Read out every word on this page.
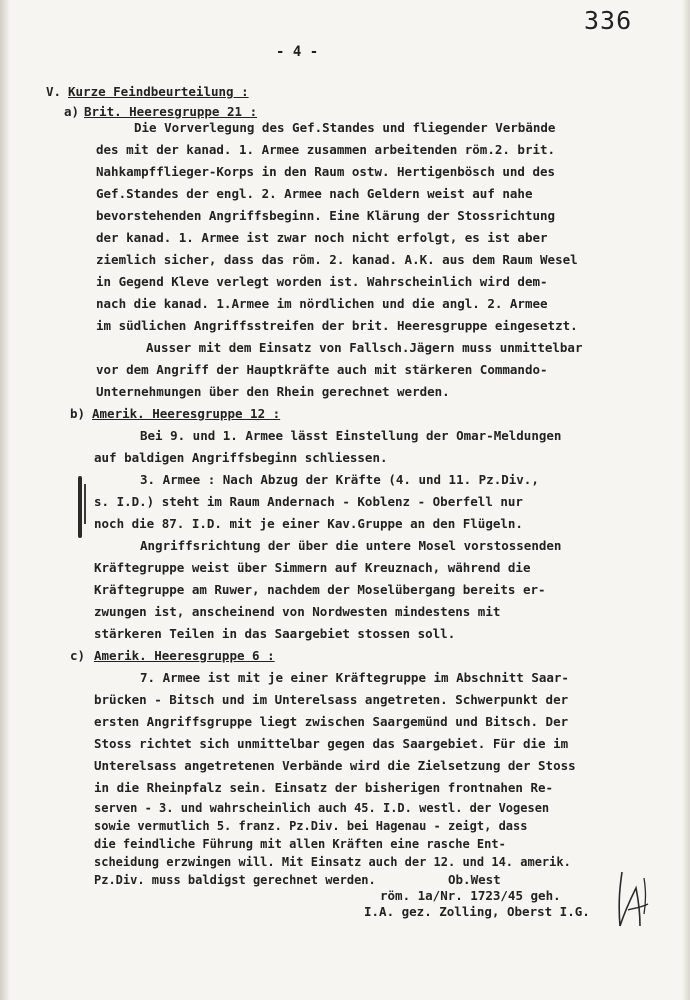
336
- 4 -
V. Kurze Feindbeurteilung :
a) Brit. Heeresgruppe 21 :
Die Vorverlegung des Gef.Standes und fliegender Verbände
des mit der kanad. 1. Armee zusammen arbeitenden röm.2. brit.
Nahkampfflieger-Korps in den Raum ostw. Hertigenbösch und des
Gef.Standes der engl. 2. Armee nach Geldern weist auf nahe
bevorstehenden Angriffsbeginn. Eine Klärung der Stossrichtung
der kanad. 1. Armee ist zwar noch nicht erfolgt, es ist aber
ziemlich sicher, dass das röm. 2. kanad. A.K. aus dem Raum Wesel
in Gegend Kleve verlegt worden ist. Wahrscheinlich wird dem-
nach die kanad. 1.Armee im nördlichen und die angl. 2. Armee
im südlichen Angriffsstreifen der brit. Heeresgruppe eingesetzt.
Ausser mit dem Einsatz von Fallsch.Jägern muss unmittelbar
vor dem Angriff der Hauptkräfte auch mit stärkeren Commando-
Unternehmungen über den Rhein gerechnet werden.
b) Amerik. Heeresgruppe 12 :
Bei 9. und 1. Armee lässt Einstellung der Omar-Meldungen
auf baldigen Angriffsbeginn schliessen.
3. Armee : Nach Abzug der Kräfte (4. und 11. Pz.Div.,
s. I.D.) steht im Raum Andernach - Koblenz - Oberfell nur
noch die 87. I.D. mit je einer Kav.Gruppe an den Flügeln.
Angriffsrichtung der über die untere Mosel vorstossenden
Kräftegruppe weist über Simmern auf Kreuznach, während die
Kräftegruppe am Ruwer, nachdem der Moselübergang bereits er-
zwungen ist, anscheinend von Nordwesten mindestens mit
stärkeren Teilen in das Saargebiet stossen soll.
c) Amerik. Heeresgruppe 6 :
7. Armee ist mit je einer Kräftegruppe im Abschnitt Saar-
brücken - Bitsch und im Unterelsass angetreten. Schwerpunkt der
ersten Angriffsgruppe liegt zwischen Saargemünd und Bitsch. Der
Stoss richtet sich unmittelbar gegen das Saargebiet. Für die im
Unterelsass angetretenen Verbände wird die Zielsetzung der Stoss
in die Rheinpfalz sein. Einsatz der bisherigen frontnahen Re-
serven - 3. und wahrscheinlich auch 45. I.D. westl. der Vogesen
sowie vermutlich 5. franz. Pz.Div. bei Hagenau - zeigt, dass
die feindliche Führung mit allen Kräften eine rasche Ent-
scheidung erzwingen will. Mit Einsatz auch der 12. und 14. amerik.
Pz.Div. muss baldigst gerechnet werden.	Ob.West
röm. 1a/Nr. 1723/45 geh.
I.A. gez. Zolling, Oberst I.G.
